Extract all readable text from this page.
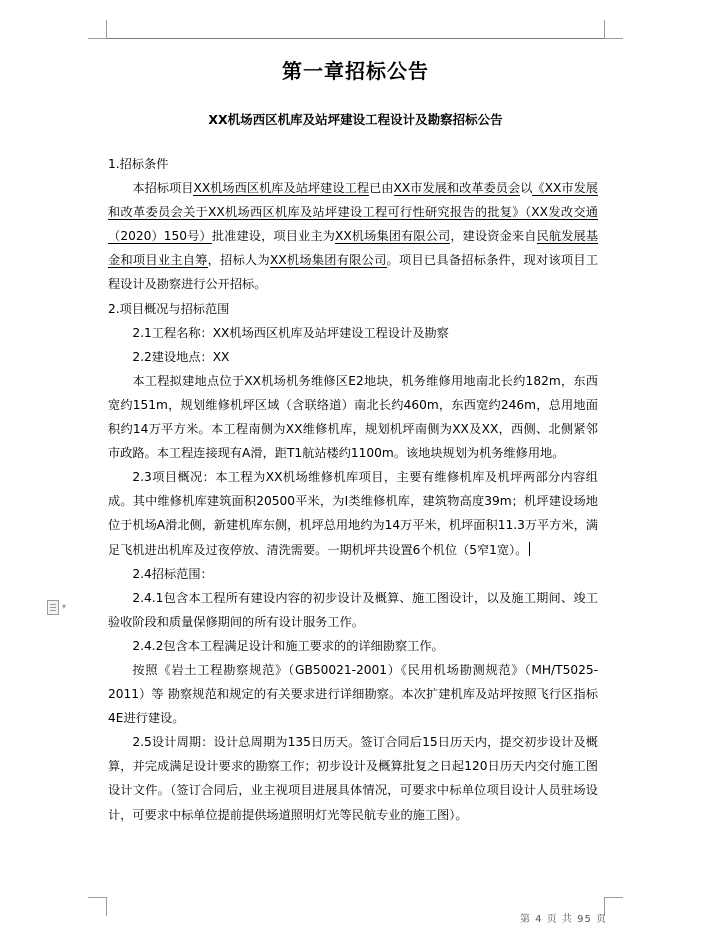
第一章招标公告
XX机场西区机库及站坪建设工程设计及勘察招标公告

1.招标条件

本招标项目XX机场西区机库及站坪建设工程已由XX市发展和改革委员会以《XX市发展和改革委员会关于XX机场西区机库及站坪建设工程可行性研究报告的批复》（XX发改交通（2020）150号）批准建设，项目业主为XX机场集团有限公司，建设资金来自民航发展基金和项目业主自筹，招标人为XX机场集团有限公司。项目已具备招标条件，现对该项目工程设计及勘察进行公开招标。

2.项目概况与招标范围

2.1工程名称：XX机场西区机库及站坪建设工程设计及勘察

2.2建设地点：XX

本工程拟建地点位于XX机场机务维修区E2地块，机务维修用地南北长约182m，东西宽约151m，规划维修机坪区域（含联络道）南北长约460m，东西宽约246m，总用地面积约14万平方米。本工程南侧为XX维修机库，规划机坪南侧为XX及XX，西侧、北侧紧邻市政路。本工程连接现有A滑，距T1航站楼约1100m。该地块规划为机务维修用地。

2.3项目概况：本工程为XX机场维修机库项目，主要有维修机库及机坪两部分内容组成。其中维修机库建筑面积20500平米，为Ⅰ类维修机库，建筑物高度39m；机坪建设场地位于机场A滑北侧，新建机库东侧，机坪总用地约为14万平米，机坪面积11.3万平方米，满足飞机进出机库及过夜停放、清洗需要。一期机坪共设置6个机位（5窄1宽）。

2.4招标范围：

2.4.1包含本工程所有建设内容的初步设计及概算、施工图设计，以及施工期间、竣工验收阶段和质量保修期间的所有设计服务工作。

2.4.2包含本工程满足设计和施工要求的的详细勘察工作。

按照《岩土工程勘察规范》（GB50021-2001）《民用机场勘测规范》（MH/T5025-2011）等 勘察规范和规定的有关要求进行详细勘察。本次扩建机库及站坪按照飞行区指标4E进行建设。

2.5设计周期：设计总周期为135日历天。签订合同后15日历天内，提交初步设计及概算，并完成满足设计要求的勘察工作；初步设计及概算批复之日起120日历天内交付施工图设计文件。（签订合同后，业主视项目进展具体情况，可要求中标单位项目设计人员驻场设计，可要求中标单位提前提供场道照明灯光等民航专业的施工图）。

▾
第 4 页 共 95 页
